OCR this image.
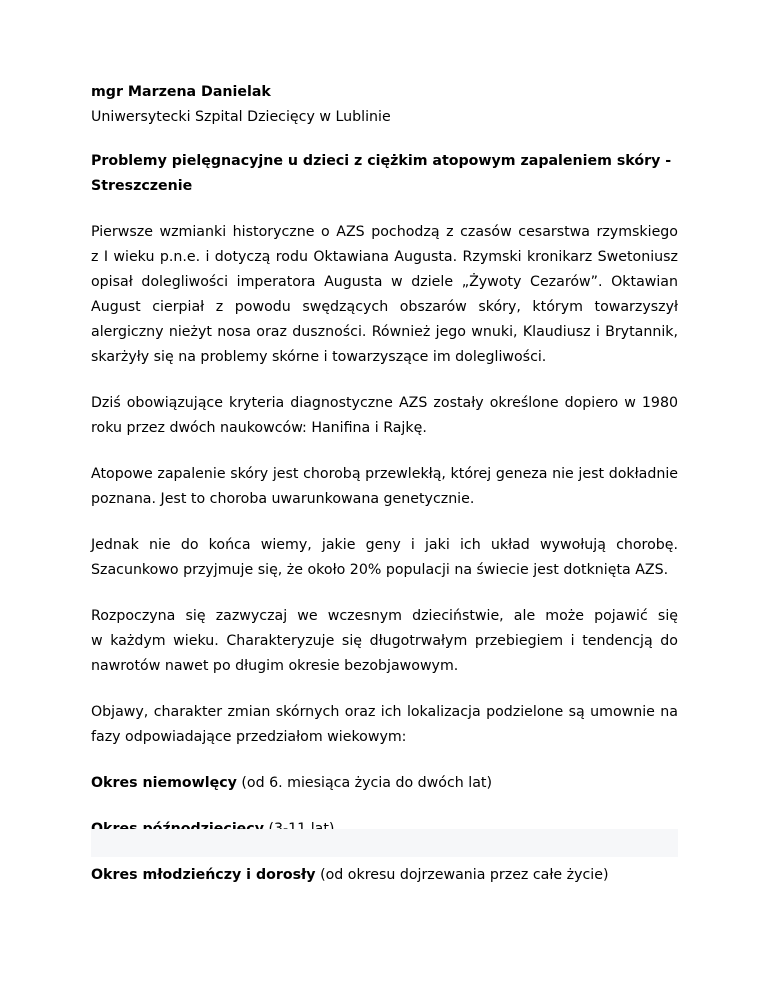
mgr Marzena Danielak

Uniwersytecki Szpital Dziecięcy w Lublinie

Problemy pielęgnacyjne u dzieci z ciężkim atopowym zapaleniem skóry -

Streszczenie

Pierwsze wzmianki historyczne o AZS pochodzą z czasów cesarstwa rzymskiego

z I wieku p.n.e. i dotyczą rodu Oktawiana Augusta. Rzymski kronikarz Swetoniusz

opisał dolegliwości imperatora Augusta w dziele „Żywoty Cezarów”. Oktawian

August cierpiał z powodu swędzących obszarów skóry, którym towarzyszył

alergiczny nieżyt nosa oraz duszności. Również jego wnuki, Klaudiusz i Brytannik,

skarżyły się na problemy skórne i towarzyszące im dolegliwości.

Dziś obowiązujące kryteria diagnostyczne AZS zostały określone dopiero w 1980

roku przez dwóch naukowców: Hanifina i Rajkę.

Atopowe zapalenie skóry jest chorobą przewlekłą, której geneza nie jest dokładnie

poznana. Jest to choroba uwarunkowana genetycznie.

Jednak nie do końca wiemy, jakie geny i jaki ich układ wywołują chorobę.

Szacunkowo przyjmuje się, że około 20% populacji na świecie jest dotknięta AZS.

Rozpoczyna się zazwyczaj we wczesnym dzieciństwie, ale może pojawić się

w każdym wieku. Charakteryzuje się długotrwałym przebiegiem i tendencją do

nawrotów nawet po długim okresie bezobjawowym.

Objawy, charakter zmian skórnych oraz ich lokalizacja podzielone są umownie na

fazy odpowiadające przedziałom wiekowym:

Okres niemowlęcy (od 6. miesiąca życia do dwóch lat)

Okres młodzieńczy i dorosły (od okresu dojrzewania przez całe życie)
